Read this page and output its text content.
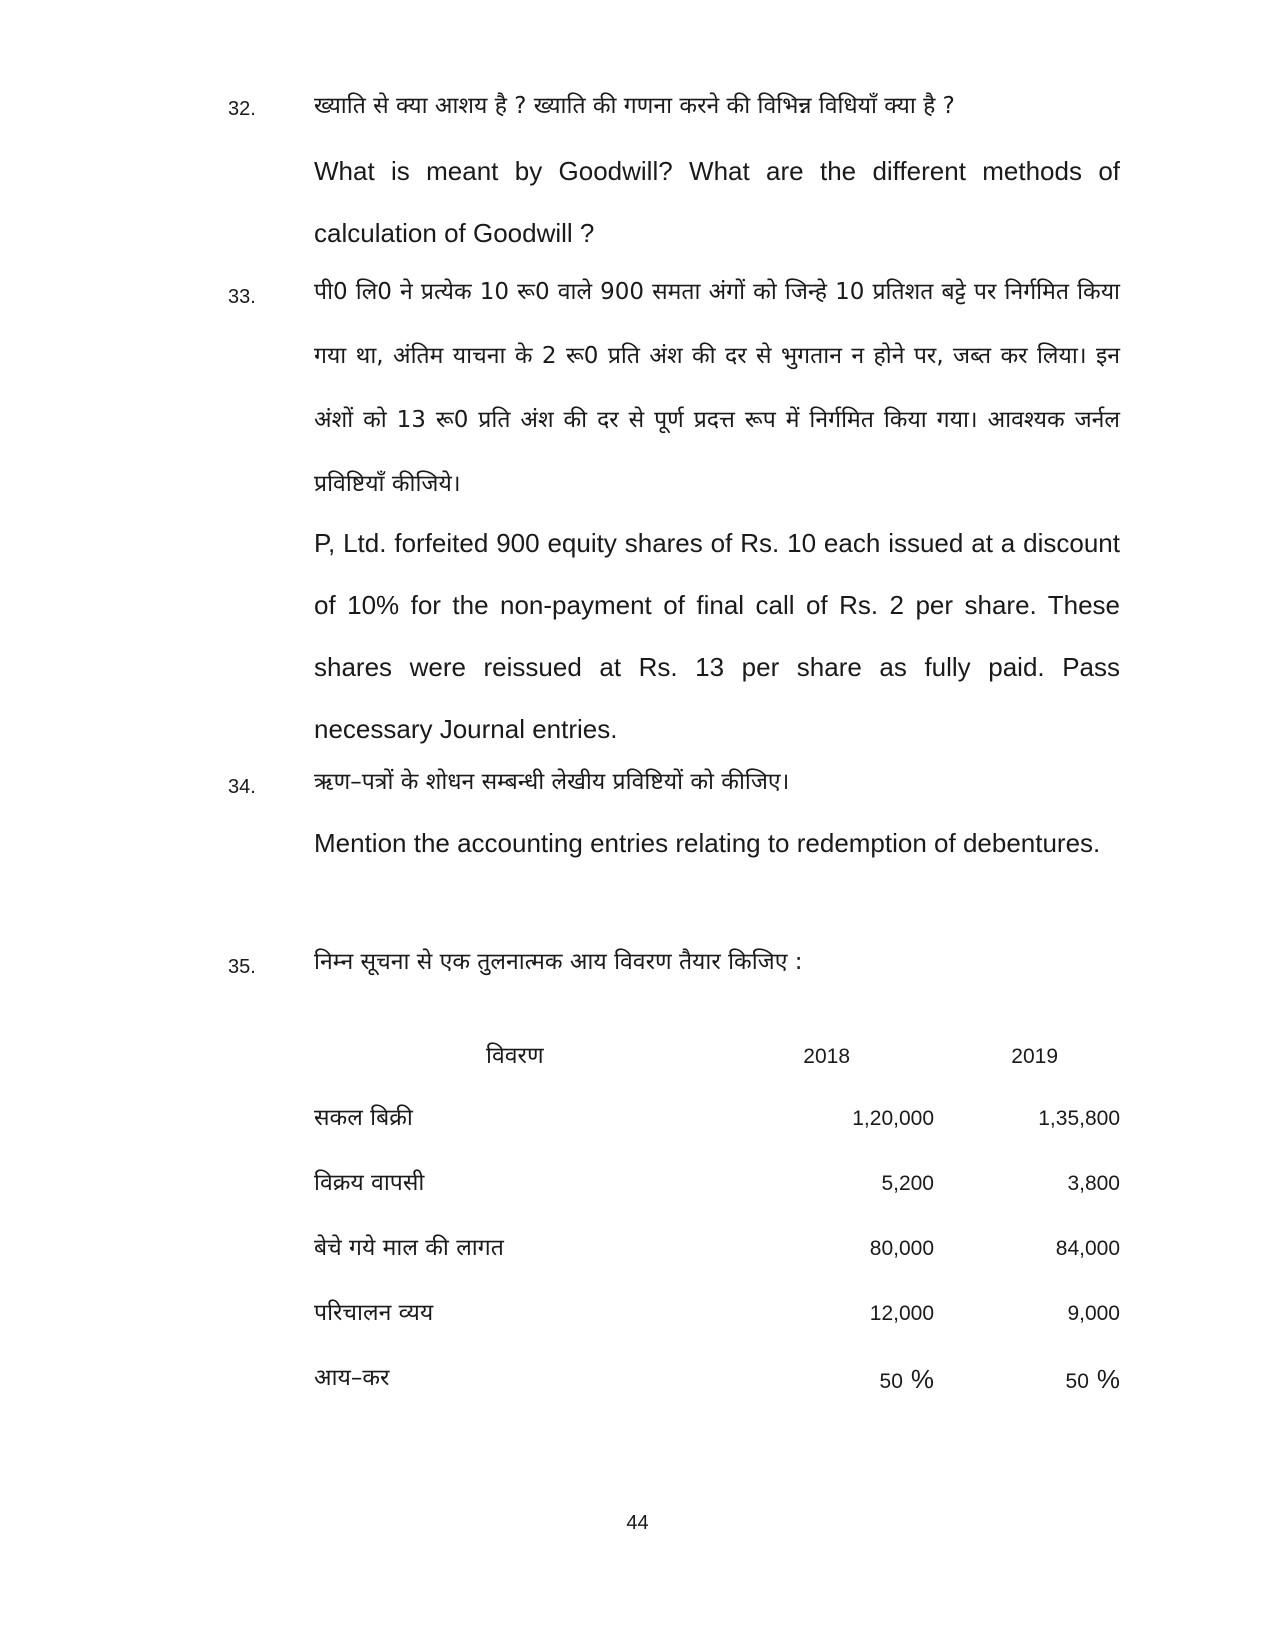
32.	ख्याति से क्या आशय है ? ख्याति की गणना करने की विभिन्न विधियाँ क्या है ?
What is meant by Goodwill? What are the different methods of calculation of Goodwill ?
33.	पी0 लि0 ने प्रत्येक 10 रू0 वाले 900 समता अंगों को जिन्हे 10 प्रतिशत बट्टे पर निर्गमित किया गया था, अंतिम याचना के 2 रू0 प्रति अंश की दर से भुगतान न होने पर, जब्त कर लिया। इन अंशों को 13 रू0 प्रति अंश की दर से पूर्ण प्रदत्त रूप में निर्गमित किया गया। आवश्यक जर्नल प्रविष्टियाँ कीजिये।
P, Ltd. forfeited 900 equity shares of Rs. 10 each issued at a discount of 10% for the non-payment of final call of Rs. 2 per share. These shares were reissued at Rs. 13 per share as fully paid. Pass necessary Journal entries.
34.	ऋण–पत्रों के शोधन सम्बन्धी लेखीय प्रविष्टियों को कीजिए।
Mention the accounting entries relating to redemption of debentures.
35.	निम्न सूचना से एक तुलनात्मक आय विवरण तैयार किजिए :
विवरण	2018	2019
सकल बिक्री	1,20,000	1,35,800
विक्रय वापसी	5,200	3,800
बेचे गये माल की लागत	80,000	84,000
परिचालन व्यय	12,000	9,000
आय–कर	50 %	50 %
44
